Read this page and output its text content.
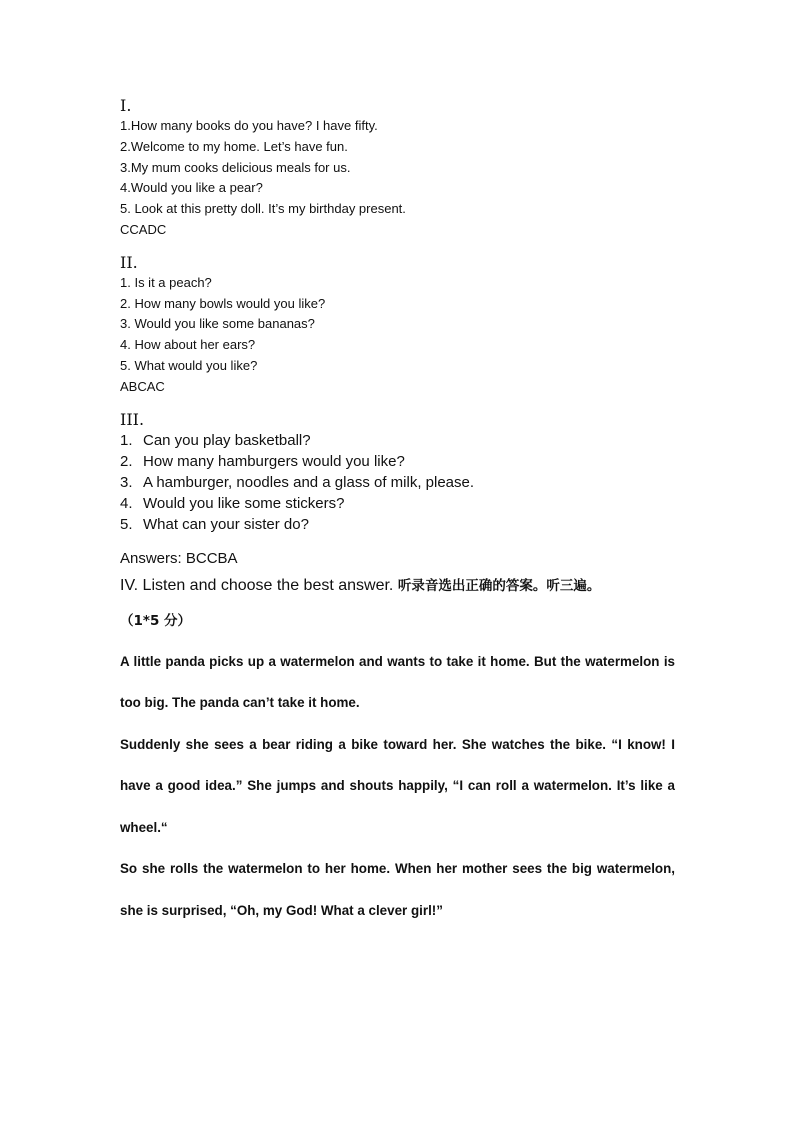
I.

1.How many books do you have? I have fifty.

2.Welcome to my home. Let’s have fun.

3.My mum cooks delicious meals for us.

4.Would you like a pear?

5. Look at this pretty doll. It’s my birthday present.

CCADC

II.

1. Is it a peach?

2. How many bowls would you like?

3. Would you like some bananas?

4. How about her ears?

5. What would you like?

ABCAC

III.

1. Can you play basketball?
2. How many hamburgers would you like?
3. A hamburger, noodles and a glass of milk, please.
4. Would you like some stickers?
5. What can your sister do?

Answers: BCCBA

IV. Listen and choose the best answer. 听录音选出正确的答案。听三遍。

（1*5 分）

A little panda picks up a watermelon and wants to take it home. But the watermelon is too big. The panda can’t take it home.

Suddenly she sees a bear riding a bike toward her. She watches the bike. “I know! I have a good idea.” She jumps and shouts happily, “I can roll a watermelon. It’s like a wheel.“

So she rolls the watermelon to her home. When her mother sees the big watermelon, she is surprised, “Oh, my God! What a clever girl!”
